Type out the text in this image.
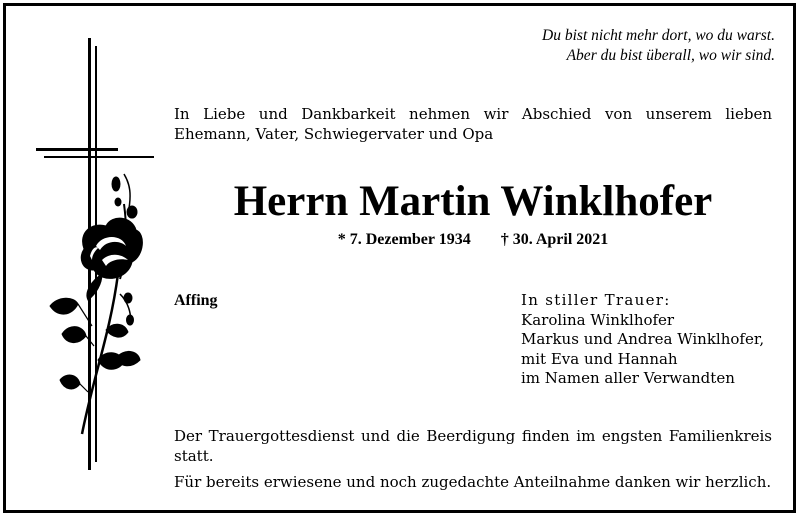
Du bist nicht mehr dort, wo du warst.
Aber du bist überall, wo wir sind.
In Liebe und Dankbarkeit nehmen wir Abschied von unserem lieben Ehemann, Vater, Schwiegervater und Opa
Herrn Martin Winklhofer
* 7. Dezember 1934 † 30. April 2021
Affing	In stiller Trauer:
Karolina Winklhofer
Markus und Andrea Winklhofer,
mit Eva und Hannah
im Namen aller Verwandten
Der Trauergottesdienst und die Beerdigung finden im engsten Familienkreis statt.
Für bereits erwiesene und noch zugedachte Anteilnahme danken wir herzlich.
